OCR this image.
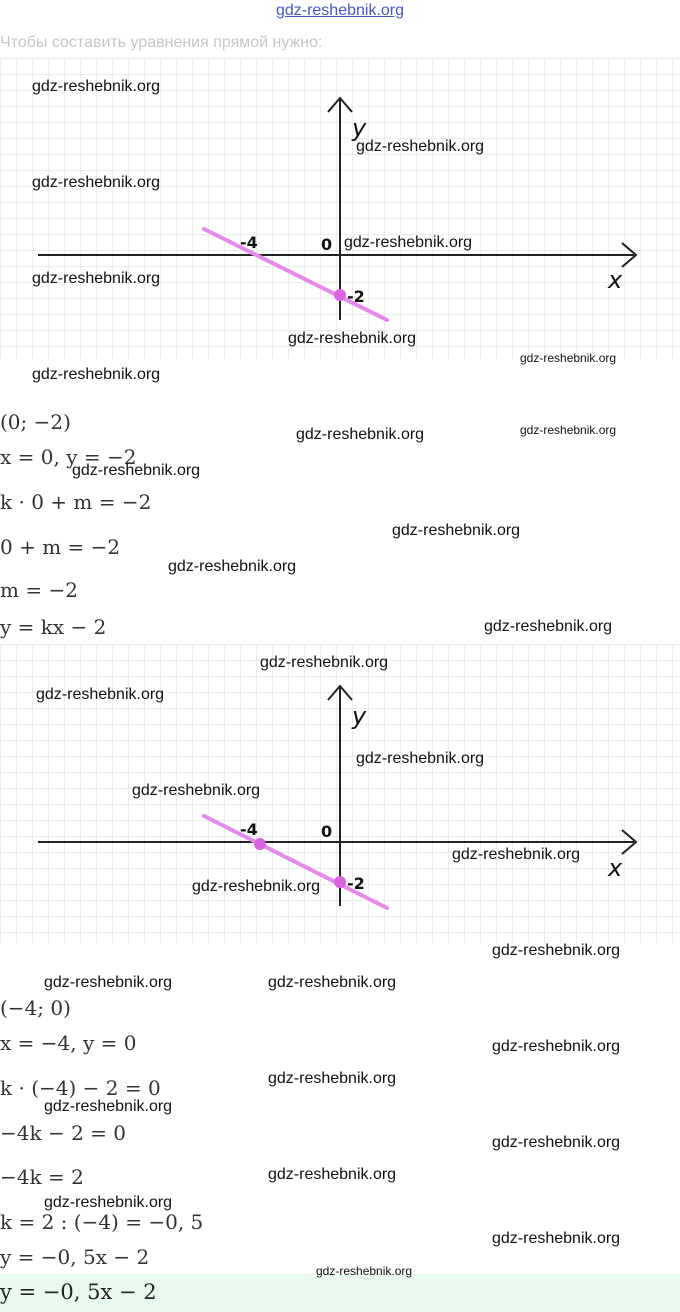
gdz-reshebnik.org
Чтобы составить уравнения прямой нужно:
y
x
0
-4
-2
(0; −2)
x = 0, y = −2
k · 0 + m = −2
0 + m = −2
m = −2
y = kx − 2
y
x
0
-4
-2
(−4; 0)
x = −4, y = 0
k · (−4) − 2 = 0
−4k − 2 = 0
−4k = 2
k = 2 : (−4) = −0, 5
y = −0, 5x − 2
y = −0, 5x − 2
gdz-reshebnik.org
gdz-reshebnik.org
gdz-reshebnik.org
gdz-reshebnik.org
gdz-reshebnik.org
gdz-reshebnik.org
gdz-reshebnik.org
gdz-reshebnik.org
gdz-reshebnik.org
gdz-reshebnik.org
gdz-reshebnik.org
gdz-reshebnik.org
gdz-reshebnik.org
gdz-reshebnik.org
gdz-reshebnik.org
gdz-reshebnik.org
gdz-reshebnik.org
gdz-reshebnik.org
gdz-reshebnik.org
gdz-reshebnik.org
gdz-reshebnik.org
gdz-reshebnik.org	gdz-reshebnik.org
gdz-reshebnik.org
gdz-reshebnik.org
gdz-reshebnik.org
gdz-reshebnik.org
gdz-reshebnik.org
gdz-reshebnik.org
gdz-reshebnik.org
gdz-reshebnik.org
